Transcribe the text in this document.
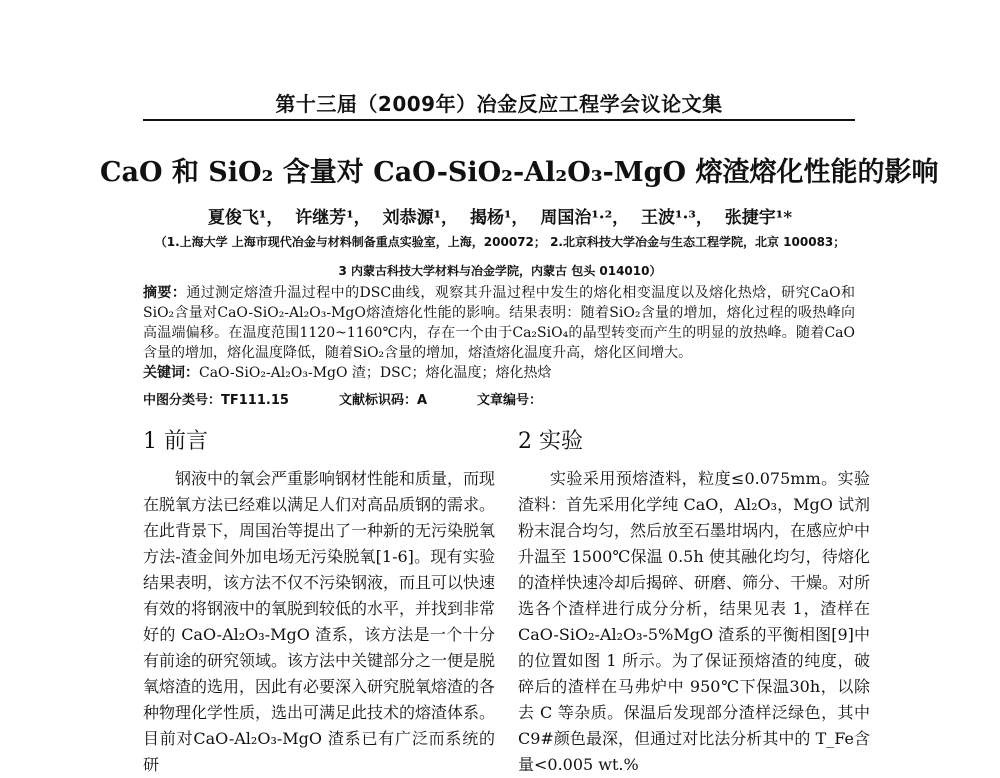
第十三届（2009年）冶金反应工程学会议论文集
CaO 和 SiO₂ 含量对 CaO-SiO₂-Al₂O₃-MgO 熔渣熔化性能的影响
夏俊飞¹， 许继芳¹， 刘恭源¹， 揭杨¹， 周国治¹·²， 王波¹·³， 张捷宇¹*
（1.上海大学 上海市现代冶金与材料制备重点实验室，上海，200072； 2.北京科技大学冶金与生态工程学院，北京 100083；
3 内蒙古科技大学材料与冶金学院，内蒙古 包头 014010）

摘要：通过测定熔渣升温过程中的DSC曲线，观察其升温过程中发生的熔化相变温度以及熔化热焓，研究CaO和SiO₂含量对CaO-SiO₂-Al₂O₃-MgO熔渣熔化性能的影响。结果表明：随着SiO₂含量的增加，熔化过程的吸热峰向高温端偏移。在温度范围1120~1160℃内，存在一个由于Ca₂SiO₄的晶型转变而产生的明显的放热峰。随着CaO含量的增加，熔化温度降低，随着SiO₂含量的增加，熔渣熔化温度升高，熔化区间增大。

关键词：CaO-SiO₂-Al₂O₃-MgO 渣；DSC；熔化温度；熔化热焓

中图分类号：TF111.15	文献标识码：A	文章编号：
1 前言	2 实验

钢液中的氧会严重影响钢材性能和质量，而现在脱氧方法已经难以满足人们对高品质钢的需求。在此背景下，周国治等提出了一种新的无污染脱氧方法-渣金间外加电场无污染脱氧[1-6]。现有实验结果表明，该方法不仅不污染钢液，而且可以快速有效的将钢液中的氧脱到较低的水平，并找到非常好的 CaO-Al₂O₃-MgO 渣系，该方法是一个十分有前途的研究领域。该方法中关键部分之一便是脱氧熔渣的选用，因此有必要深入研究脱氧熔渣的各种物理化学性质，选出可满足此技术的熔渣体系。 目前对CaO-Al₂O₃-MgO 渣系已有广泛而系统的研

实验采用预熔渣料，粒度≤0.075mm。实验渣料：首先采用化学纯 CaO，Al₂O₃，MgO 试剂粉末混合均匀，然后放至石墨坩埚内，在感应炉中升温至 1500℃保温 0.5h 使其融化均匀，待熔化的渣样快速冷却后揭碎、研磨、筛分、干燥。对所选各个渣样进行成分分析，结果见表 1，渣样在CaO-SiO₂-Al₂O₃-5%MgO 渣系的平衡相图[9]中的位置如图 1 所示。为了保证预熔渣的纯度，破碎后的渣样在马弗炉中 950℃下保温30h，以除去 C 等杂质。保温后发现部分渣样泛绿色，其中 C9#颜色最深，但通过对比法分析其中的 T_Fe含量<0.005 wt.%
